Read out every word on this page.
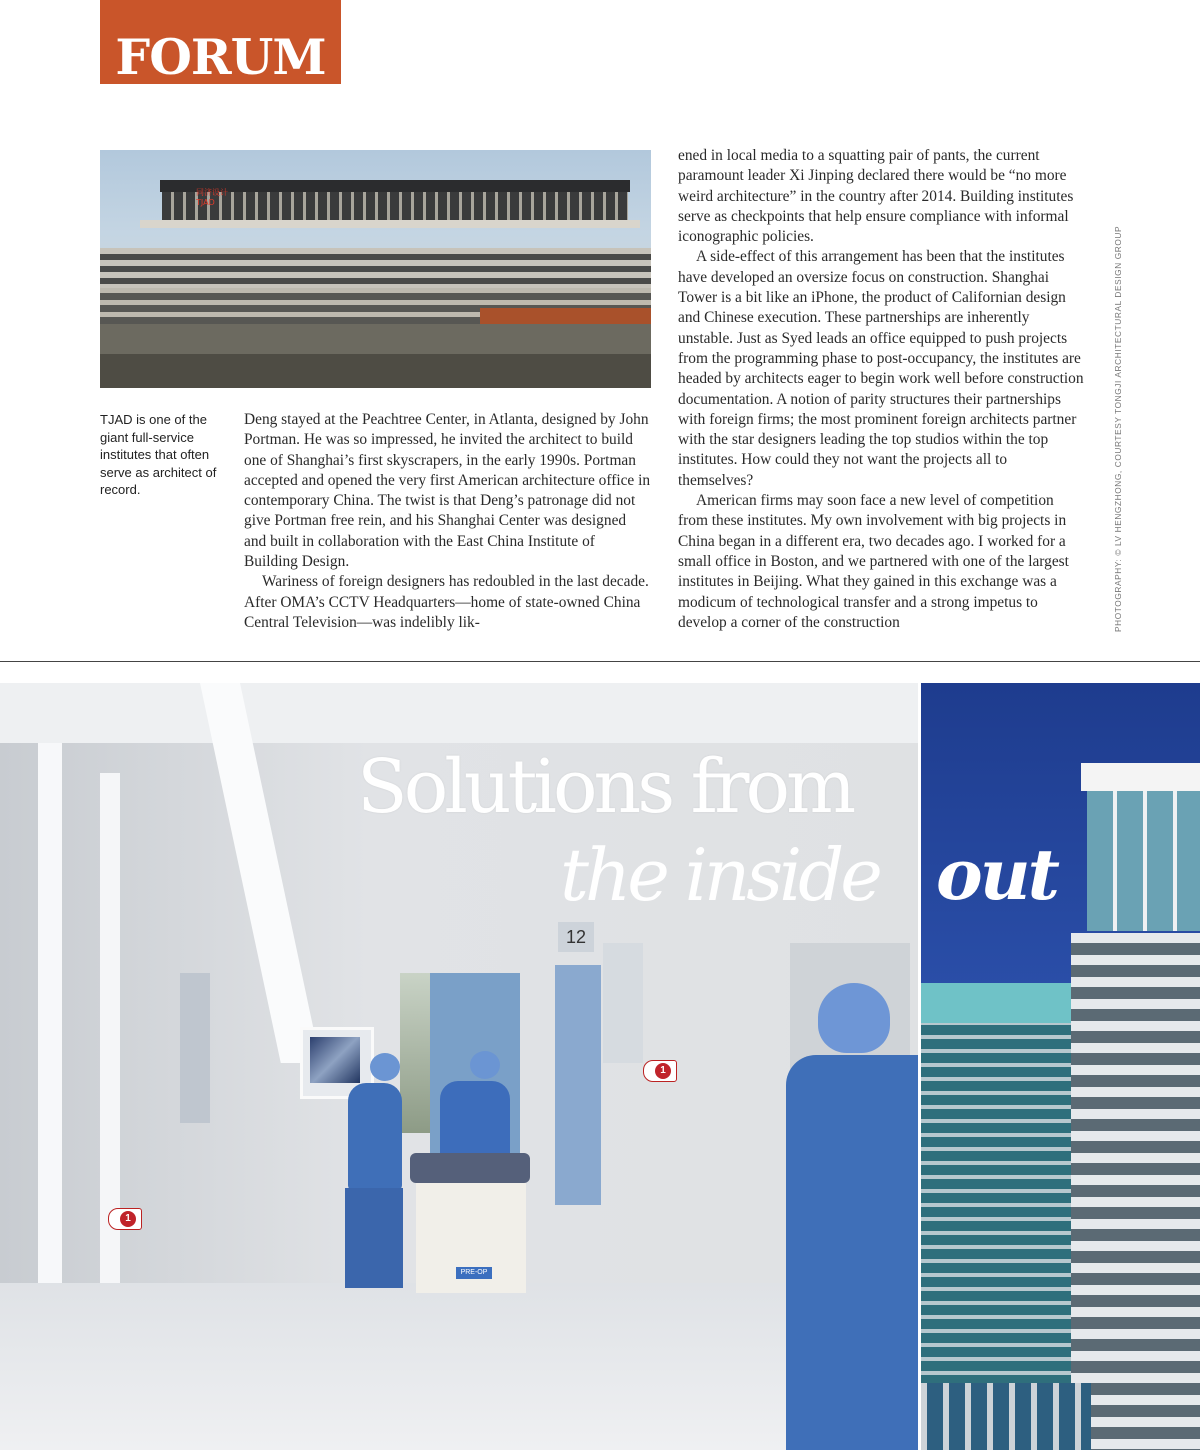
FORUM
同济设计 TJAD
TJAD is one of the giant full-service institutes that often serve as architect of record.

Deng stayed at the Peachtree Center, in Atlanta, designed by John Portman. He was so impressed, he invited the architect to build one of Shanghai’s first skyscrapers, in the early 1990s. Portman accepted and opened the very first American architecture office in contemporary China. The twist is that Deng’s patronage did not give Portman free rein, and his Shanghai Center was designed and built in collaboration with the East China Institute of Building Design.

Wariness of foreign designers has redoubled in the last decade. After OMA’s CCTV Headquarters—home of state-owned China Central Television—was indelibly lik-

ened in local media to a squatting pair of pants, the current paramount leader Xi Jinping declared there would be “no more weird architecture” in the country after 2014. Building institutes serve as checkpoints that help ensure compliance with informal iconographic policies.

A side-effect of this arrangement has been that the institutes have developed an oversize focus on construction. Shanghai Tower is a bit like an iPhone, the product of Californian design and Chinese execution. These partnerships are inherently unstable. Just as Syed leads an office equipped to push projects from the programming phase to post-occupancy, the institutes are headed by architects eager to begin work well before construction documentation. A notion of parity structures their partnerships with foreign firms; the most prominent foreign architects partner with the star designers leading the top studios within the top institutes. How could they not want the projects all to themselves?

American firms may soon face a new level of competition from these institutes. My own involvement with big projects in China began in a different era, two decades ago. I worked for a small office in Boston, and we partnered with one of the largest institutes in Beijing. What they gained in this exchange was a modicum of technological transfer and a strong impetus to develop a corner of the construction	PHOTOGRAPHY: © LV HENGZHONG, COURTESY TONGJI ARCHITECTURAL DESIGN GROUP
PRE-OP
12
1
1
Solutions from
the inside out
